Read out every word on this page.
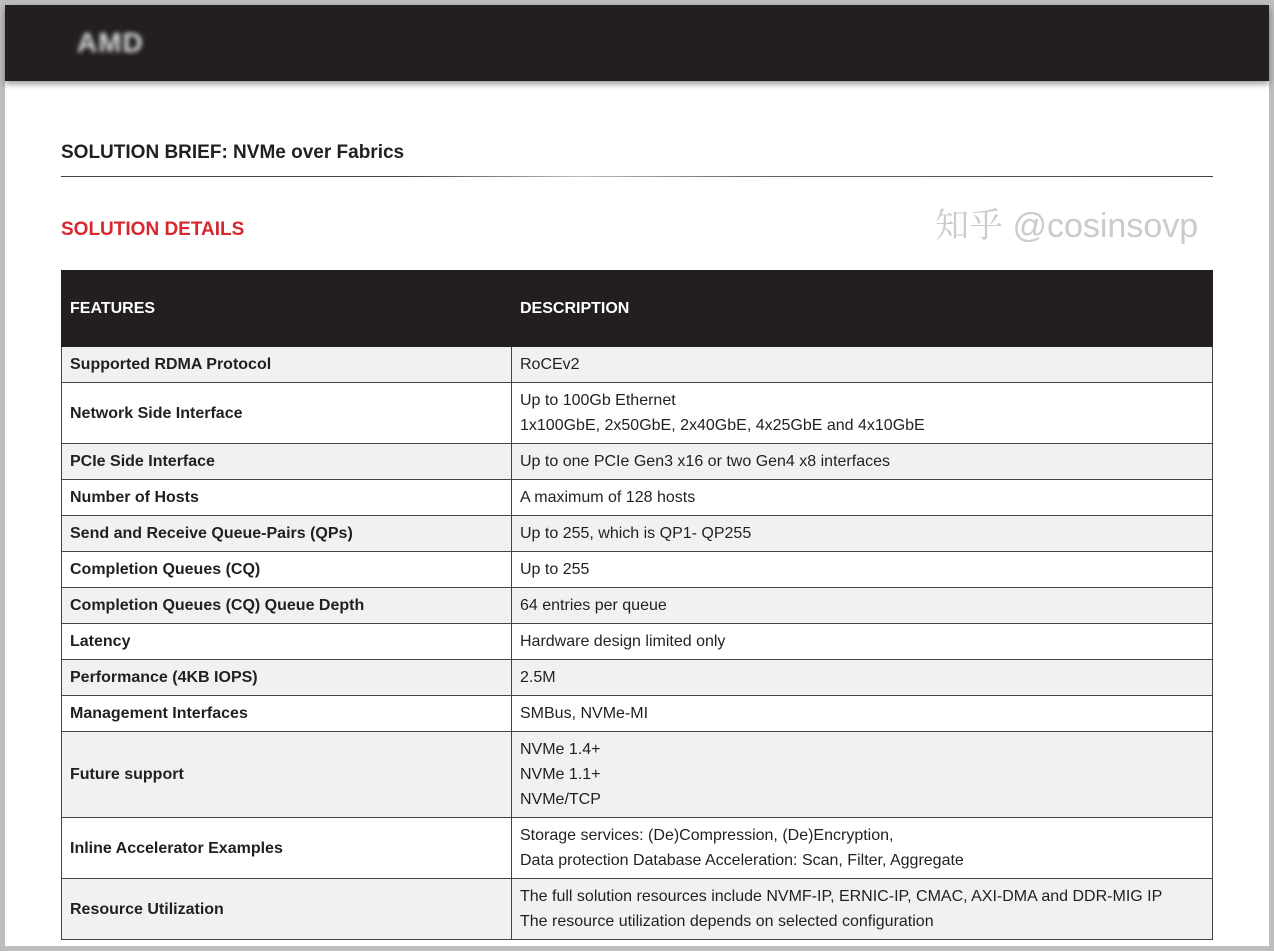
AMD
SOLUTION BRIEF: NVMe over Fabrics
SOLUTION DETAILS
FEATURES	DESCRIPTION
Supported RDMA Protocol	RoCEv2

Network Side Interface	Up to 100Gb Ethernet
1x100GbE, 2x50GbE, 2x40GbE, 4x25GbE and 4x10GbE

PCIe Side Interface	Up to one PCIe Gen3 x16 or two Gen4 x8 interfaces

Number of Hosts	A maximum of 128 hosts

Send and Receive Queue-Pairs (QPs)	Up to 255, which is QP1- QP255

Completion Queues (CQ)	Up to 255

Completion Queues (CQ) Queue Depth	64 entries per queue

Latency	Hardware design limited only

Performance (4KB IOPS)	2.5M

Management Interfaces	SMBus, NVMe-MI

Future support	NVMe 1.4+
NVMe 1.1+
NVMe/TCP

Inline Accelerator Examples	Storage services: (De)Compression, (De)Encryption,
Data protection Database Acceleration: Scan, Filter, Aggregate

Resource Utilization	The full solution resources include NVMF-IP, ERNIC-IP, CMAC, AXI-DMA and DDR-MIG IP
The resource utilization depends on selected configuration
知乎 @cosinsovp
